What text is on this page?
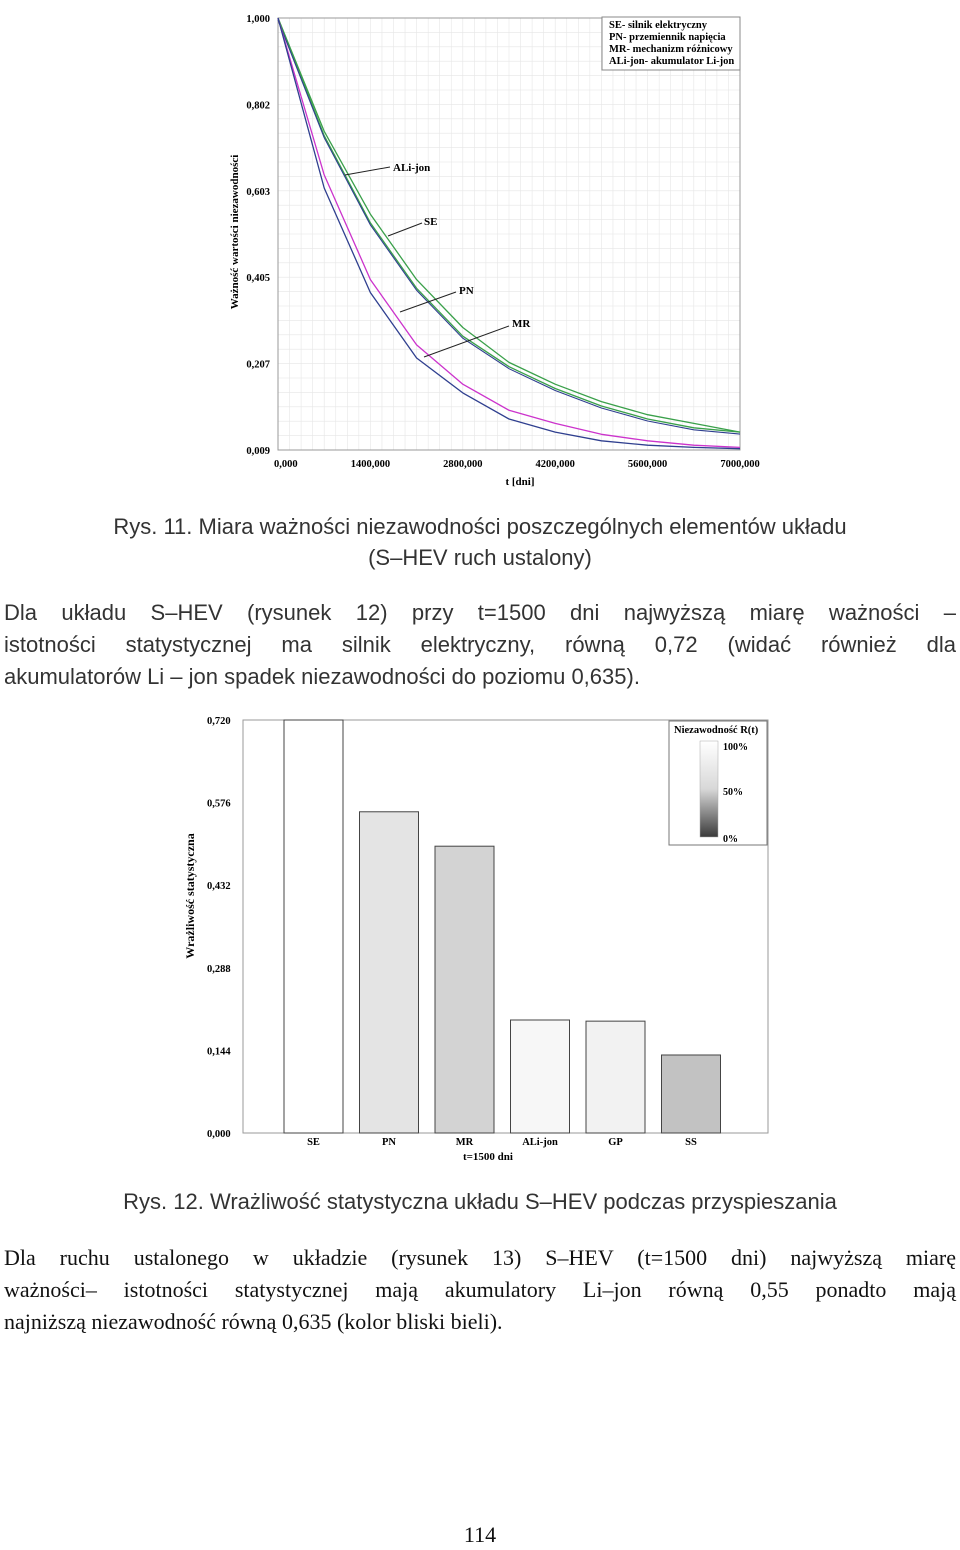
1,000
0,802
0,603
0,405
0,207
0,009
0,000	1400,000	2800,000	4200,000	5600,000	7000,000
Ważność wartości niezawodności
t [dni]
SE- silnik elektryczny
PN- przemiennik napięcia
MR- mechanizm różnicowy
ALi-jon- akumulator Li-jon
ALi-jon
SE
PN
MR
Rys. 11. Miara ważności niezawodności poszczególnych elementów układu
(S–HEV ruch ustalony)
Dla układu S–HEV (rysunek 12) przy t=1500 dni najwyższą miarę ważności –
istotności statystycznej ma silnik elektryczny, równą 0,72 (widać również dla
akumulatorów Li – jon spadek niezawodności do poziomu 0,635).
0,720
0,576
0,432
0,288
0,144
0,000
SE	PN	MR	ALi-jon	GP	SS
Wrażliwość statystyczna
t=1500 dni
Niezawodność R(t)
100%
50%
0%
Rys. 12. Wrażliwość statystyczna układu S–HEV podczas przyspieszania
Dla ruchu ustalonego w układzie (rysunek 13) S–HEV (t=1500 dni) najwyższą miarę
ważności– istotności statystycznej mają akumulatory Li–jon równą 0,55 ponadto mają
najniższą niezawodność równą 0,635 (kolor bliski bieli).
114
